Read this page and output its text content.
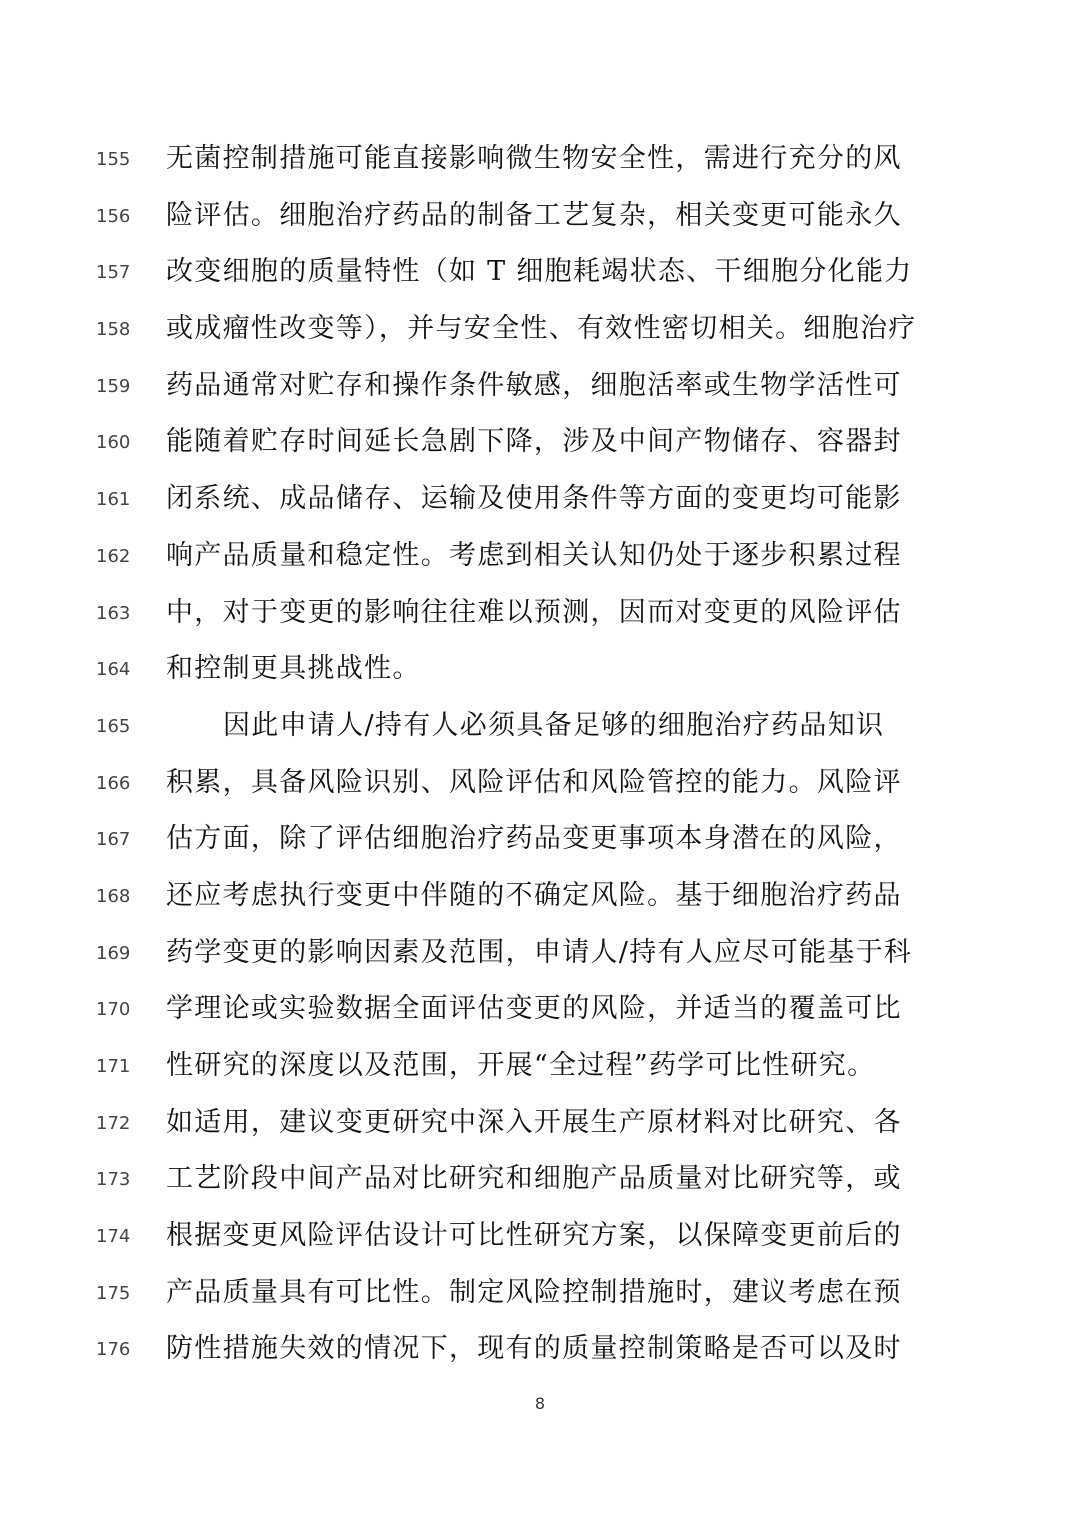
155 无菌控制措施可能直接影响微生物安全性，需进行充分的风
156 险评估。细胞治疗药品的制备工艺复杂，相关变更可能永久
157 改变细胞的质量特性（如 T 细胞耗竭状态、干细胞分化能力
158 或成瘤性改变等），并与安全性、有效性密切相关。细胞治疗
159 药品通常对贮存和操作条件敏感，细胞活率或生物学活性可
160 能随着贮存时间延长急剧下降，涉及中间产物储存、容器封
161 闭系统、成品储存、运输及使用条件等方面的变更均可能影
162 响产品质量和稳定性。考虑到相关认知仍处于逐步积累过程
163 中，对于变更的影响往往难以预测，因而对变更的风险评估
164 和控制更具挑战性。
165	因此申请人/持有人必须具备足够的细胞治疗药品知识
166 积累，具备风险识别、风险评估和风险管控的能力。风险评
167 估方面，除了评估细胞治疗药品变更事项本身潜在的风险，
168 还应考虑执行变更中伴随的不确定风险。基于细胞治疗药品
169 药学变更的影响因素及范围，申请人/持有人应尽可能基于科
170 学理论或实验数据全面评估变更的风险，并适当的覆盖可比
171 性研究的深度以及范围，开展“全过程”药学可比性研究。
172 如适用，建议变更研究中深入开展生产原材料对比研究、各
173 工艺阶段中间产品对比研究和细胞产品质量对比研究等，或
174 根据变更风险评估设计可比性研究方案，以保障变更前后的
175 产品质量具有可比性。制定风险控制措施时，建议考虑在预
176 防性措施失效的情况下，现有的质量控制策略是否可以及时
8
